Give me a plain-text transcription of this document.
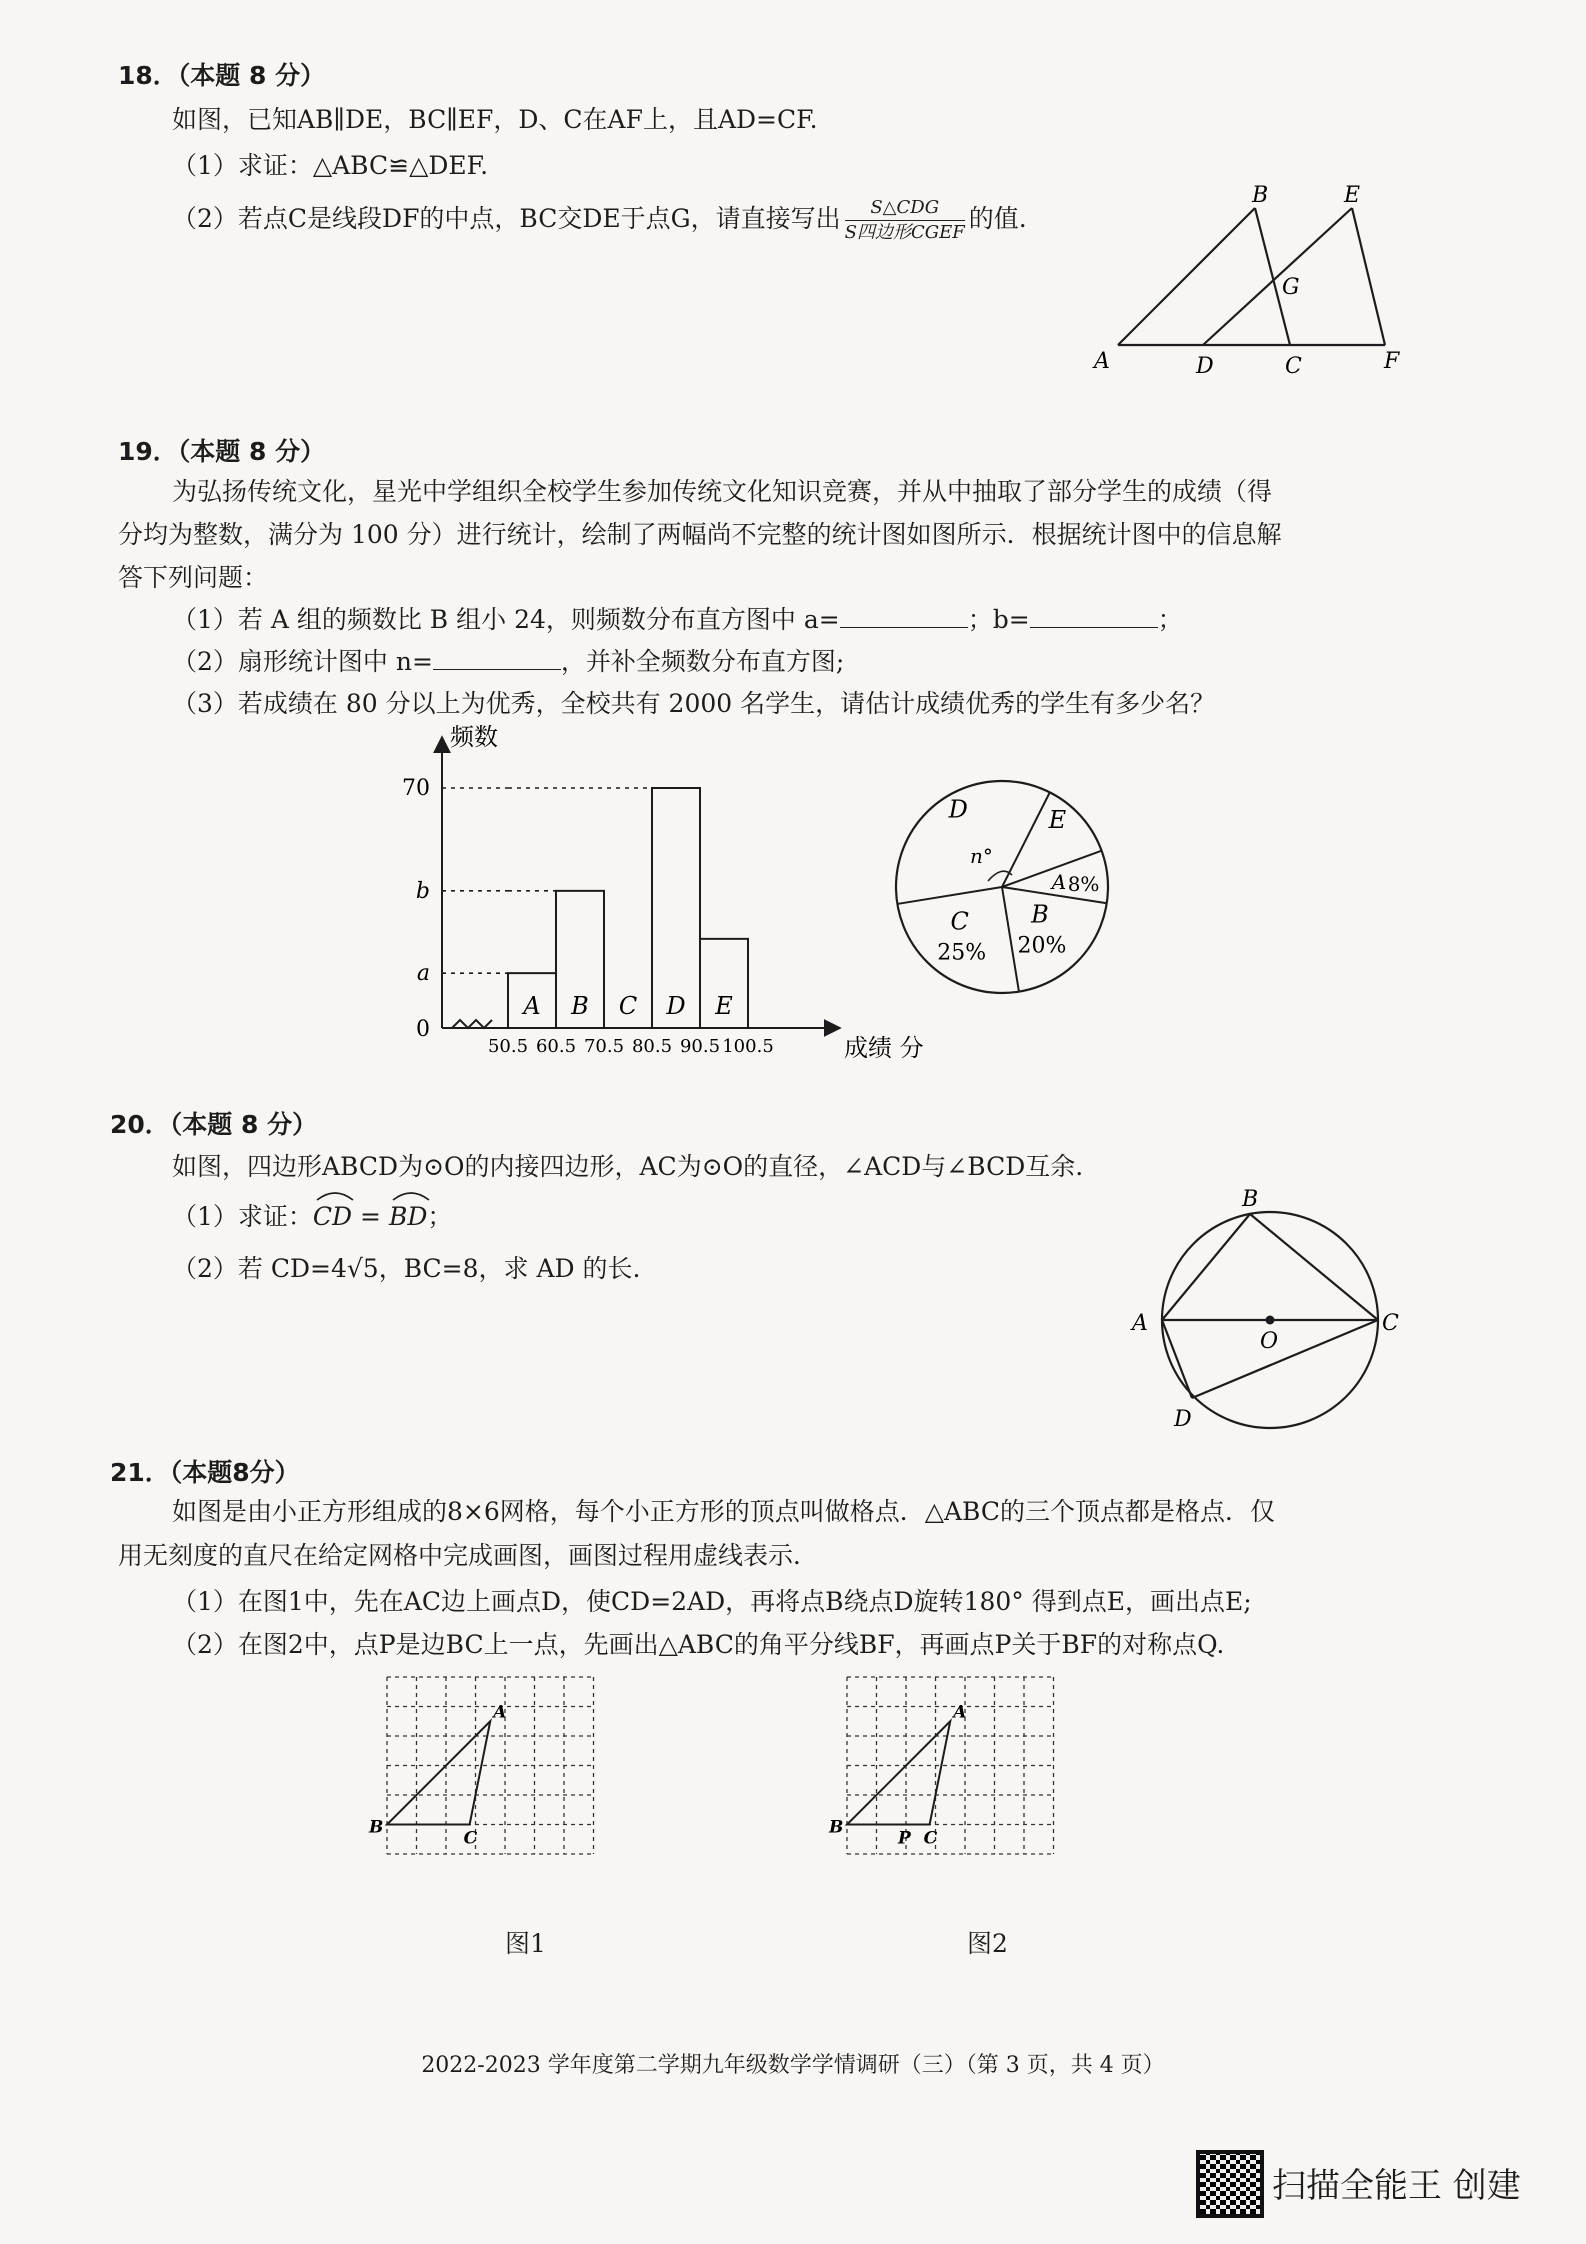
18．（本题 8 分）
如图，已知AB∥DE，BC∥EF，D、C在AF上，且AD=CF.
（1）求证：△ABC≌△DEF.
（2）若点C是线段DF的中点，BC交DE于点G，请直接写出 $\frac{\text{S△CDG}}{\text{S四边形CGEF}}$ 的值.
A
B
C
D
E
F
G
19．（本题 8 分）
为弘扬传统文化，星光中学组织全校学生参加传统文化知识竞赛，并从中抽取了部分学生的成绩（得
分均为整数，满分为 100 分）进行统计，绘制了两幅尚不完整的统计图如图所示．根据统计图中的信息解
答下列问题：
（1）若 A 组的频数比 B 组小 24，则频数分布直方图中 a=	；b=	；
（2）扇形统计图中 n=	，并补全频数分布直方图;
（3）若成绩在 80 分以上为优秀，全校共有 2000 名学生，请估计成绩优秀的学生有多少名？
A B C D E
70
b
a
0
50.5 60.5 70.5 80.5 90.5 100.5
频数
成绩 分
A 8%
B
20%
C
25%
D	E
n°
20．（本题 8 分）
如图，四边形ABCD为⊙O的内接四边形，AC为⊙O的直径，∠ACD与∠BCD互余.
（1）求证：
CD = BD；
（2）若 CD=4√5，BC=8，求 AD 的长.
A
B
C
D
O
21．（本题8分）
如图是由小正方形组成的8×6网格，每个小正方形的顶点叫做格点．△ABC的三个顶点都是格点．仅
用无刻度的直尺在给定网格中完成画图，画图过程用虚线表示．
（1）在图1中，先在AC边上画点D，使CD=2AD，再将点B绕点D旋转180° 得到点E，画出点E;
（2）在图2中，点P是边BC上一点，先画出△ABC的角平分线BF，再画点P关于BF的对称点Q.
A
B
C
A
B
C
P
图1	图2
2022-2023 学年度第二学期九年级数学学情调研（三）（第 3 页，共 4 页）
扫描全能王 创建
